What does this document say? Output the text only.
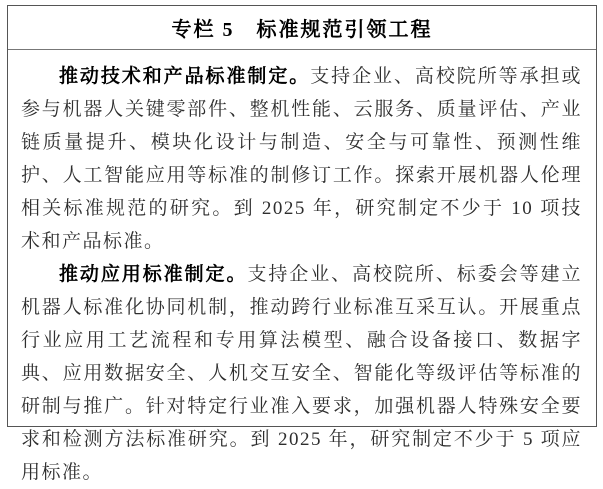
专栏 5　标准规范引领工程

推动技术和产品标准制定。支持企业、高校院所等承担或参与机器人关键零部件、整机性能、云服务、质量评估、产业链质量提升、模块化设计与制造、安全与可靠性、预测性维护、人工智能应用等标准的制修订工作。探索开展机器人伦理相关标准规范的研究。到 2025 年，研究制定不少于 10 项技术和产品标准。

推动应用标准制定。支持企业、高校院所、标委会等建立机器人标准化协同机制，推动跨行业标准互采互认。开展重点行业应用工艺流程和专用算法模型、融合设备接口、数据字典、应用数据安全、人机交互安全、智能化等级评估等标准的研制与推广。针对特定行业准入要求，加强机器人特殊安全要求和检测方法标准研究。到 2025 年，研究制定不少于 5 项应用标准。
